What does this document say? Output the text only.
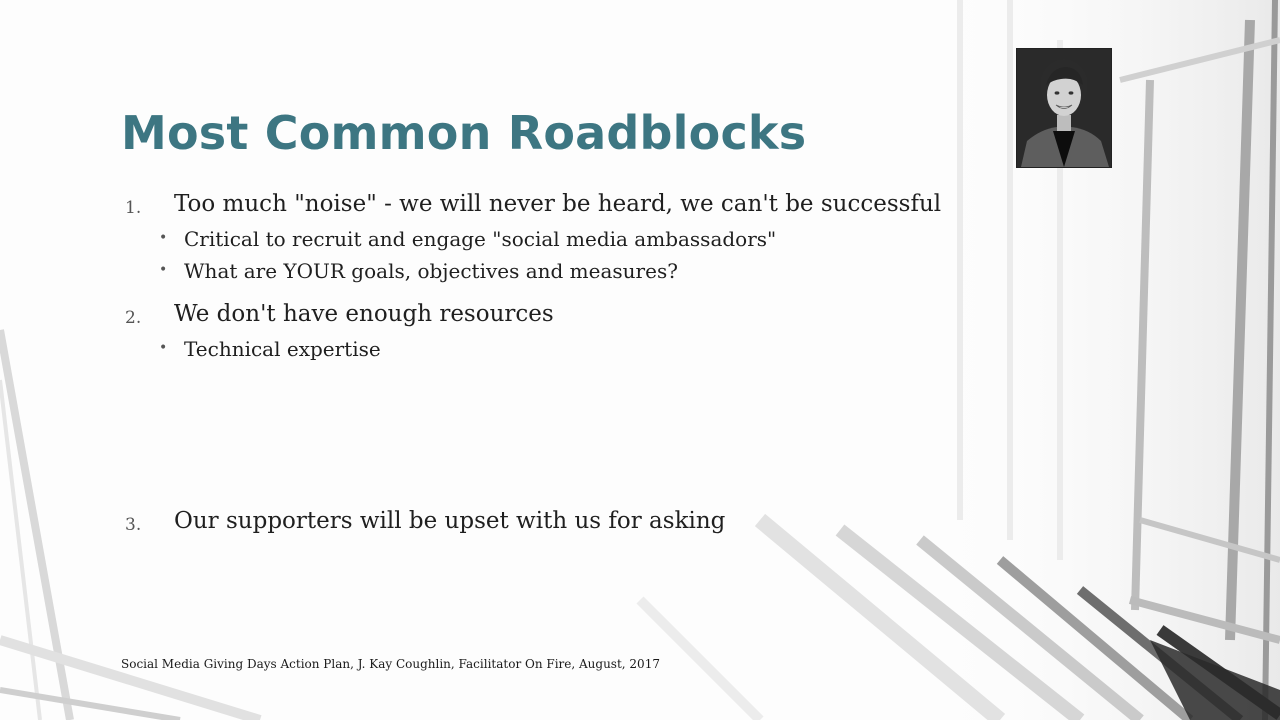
Most Common Roadblocks
1. Too much "noise" - we will never be heard, we can't be successful
• Critical to recruit and engage "social media ambassadors"
• What are YOUR goals, objectives and measures?
2. We don't have enough resources
• Technical expertise
3. Our supporters will be upset with us for asking
Social Media Giving Days Action Plan, J. Kay Coughlin, Facilitator On Fire, August, 2017
